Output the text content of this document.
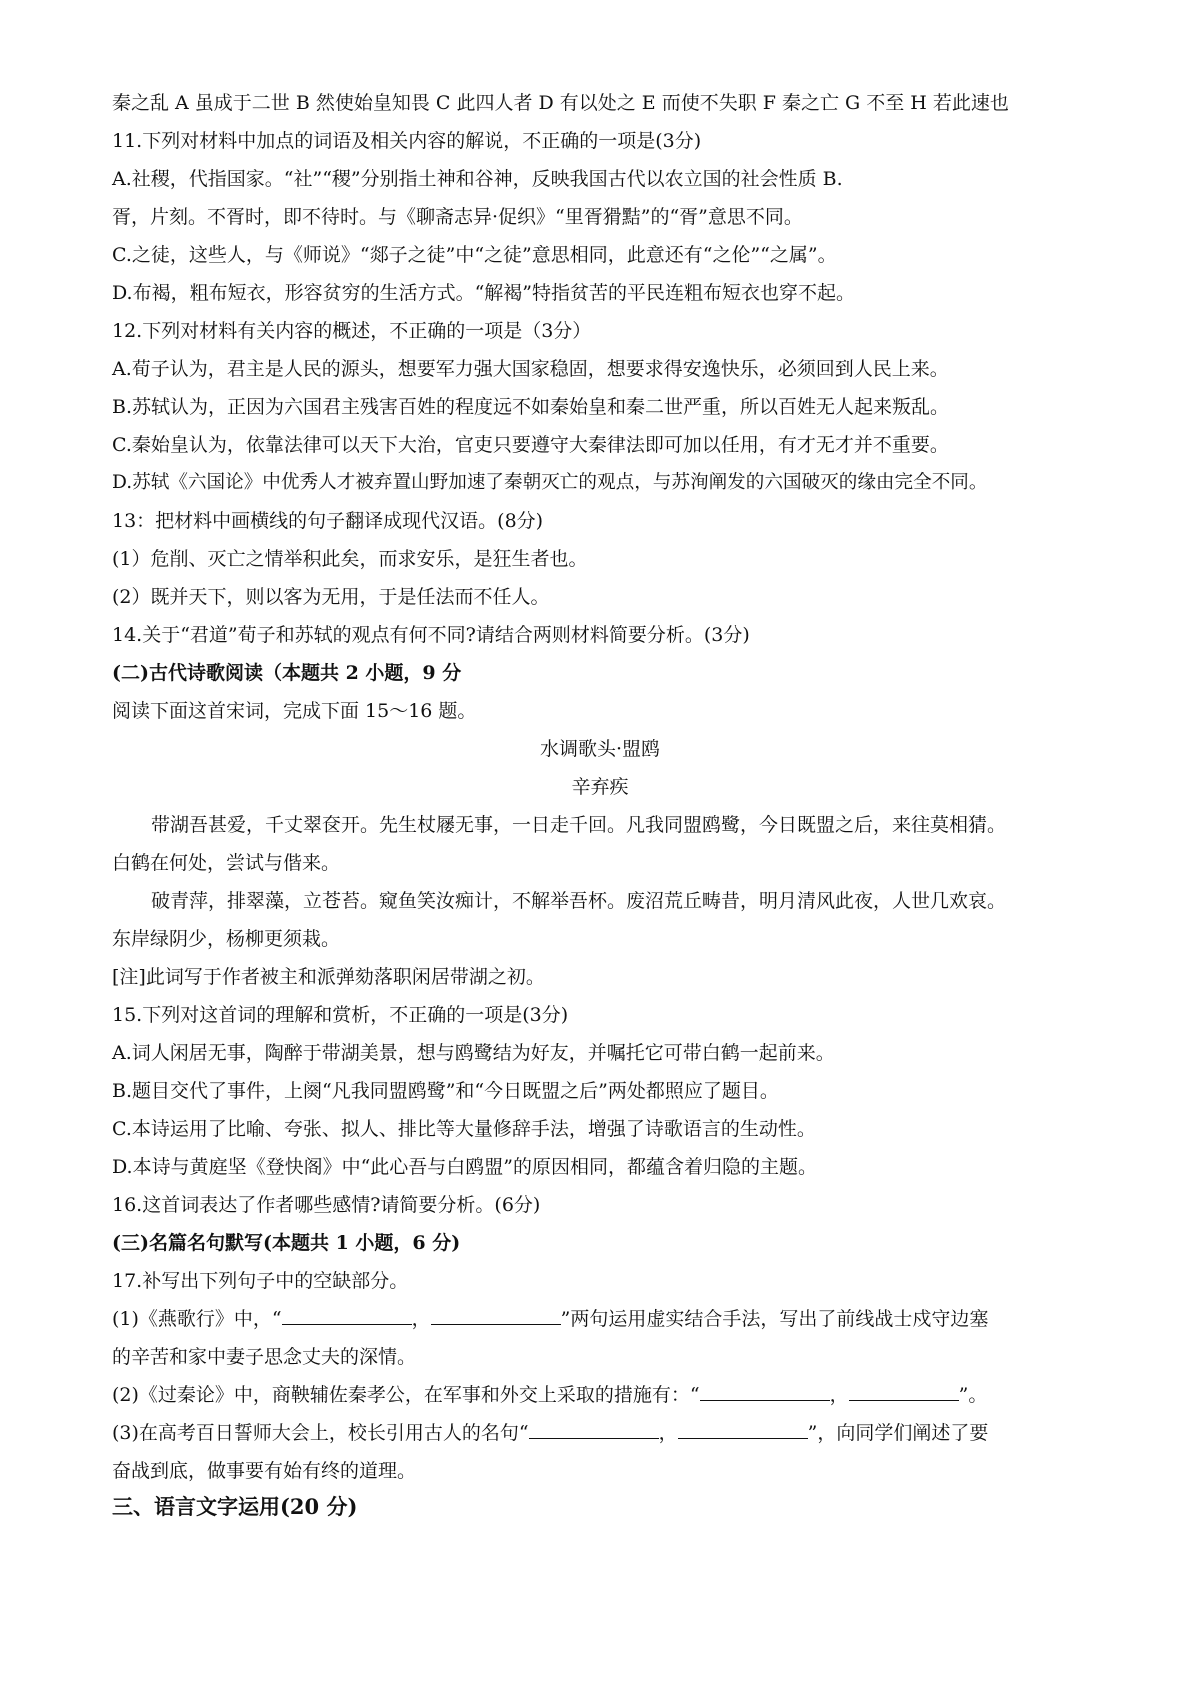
秦之乱 A 虽成于二世 B 然使始皇知畏 C 此四人者 D 有以处之 E 而使不失职 F 秦之亡 G 不至 H 若此速也
11.下列对材料中加点的词语及相关内容的解说，不正确的一项是(3分)
A.社稷，代指国家。“社”“稷”分别指土神和谷神，反映我国古代以农立国的社会性质 B.
胥，片刻。不胥时，即不待时。与《聊斋志异·促织》“里胥猾黠”的“胥”意思不同。
C.之徒，这些人，与《师说》“郯子之徒”中“之徒”意思相同，此意还有“之伦”“之属”。
D.布褐，粗布短衣，形容贫穷的生活方式。“解褐”特指贫苦的平民连粗布短衣也穿不起。
12.下列对材料有关内容的概述，不正确的一项是（3分）
A.荀子认为，君主是人民的源头，想要军力强大国家稳固，想要求得安逸快乐，必须回到人民上来。
B.苏轼认为，正因为六国君主残害百姓的程度远不如秦始皇和秦二世严重，所以百姓无人起来叛乱。
C.秦始皇认为，依靠法律可以天下大治，官吏只要遵守大秦律法即可加以任用，有才无才并不重要。
D.苏轼《六国论》中优秀人才被弃置山野加速了秦朝灭亡的观点，与苏洵阐发的六国破灭的缘由完全不同。
13：把材料中画横线的句子翻译成现代汉语。(8分)
(1）危削、灭亡之情举积此矣，而求安乐，是狂生者也。
(2）既并天下，则以客为无用，于是任法而不任人。
14.关于“君道”荀子和苏轼的观点有何不同?请结合两则材料简要分析。(3分)
(二)古代诗歌阅读（本题共 2 小题，9 分
阅读下面这首宋词，完成下面 15～16 题。
水调歌头·盟鸥
辛弃疾
带湖吾甚爱，千丈翠奁开。先生杖屦无事，一日走千回。凡我同盟鸥鹭，今日既盟之后，来往莫相猜。
白鹤在何处，尝试与偕来。
破青萍，排翠藻，立苍苔。窥鱼笑汝痴计，不解举吾杯。废沼荒丘畴昔，明月清风此夜，人世几欢哀。
东岸绿阴少，杨柳更须栽。
[注]此词写于作者被主和派弹劾落职闲居带湖之初。
15.下列对这首词的理解和赏析，不正确的一项是(3分)
A.词人闲居无事，陶醉于带湖美景，想与鸥鹭结为好友，并嘱托它可带白鹤一起前来。
B.题目交代了事件，上阕“凡我同盟鸥鹭”和“今日既盟之后”两处都照应了题目。
C.本诗运用了比喻、夸张、拟人、排比等大量修辞手法，增强了诗歌语言的生动性。
D.本诗与黄庭坚《登快阁》中“此心吾与白鸥盟”的原因相同，都蕴含着归隐的主题。
16.这首词表达了作者哪些感情?请简要分析。(6分)
(三)名篇名句默写(本题共 1 小题，6 分)
17.补写出下列句子中的空缺部分。
(1)《燕歌行》中，“	，	”两句运用虚实结合手法，写出了前线战士戍守边塞
的辛苦和家中妻子思念丈夫的深情。
(2)《过秦论》中，商鞅辅佐秦孝公，在军事和外交上采取的措施有：“	，	”。
(3)在高考百日誓师大会上，校长引用古人的名句“	，	”，向同学们阐述了要
奋战到底，做事要有始有终的道理。
三、语言文字运用(20 分)
